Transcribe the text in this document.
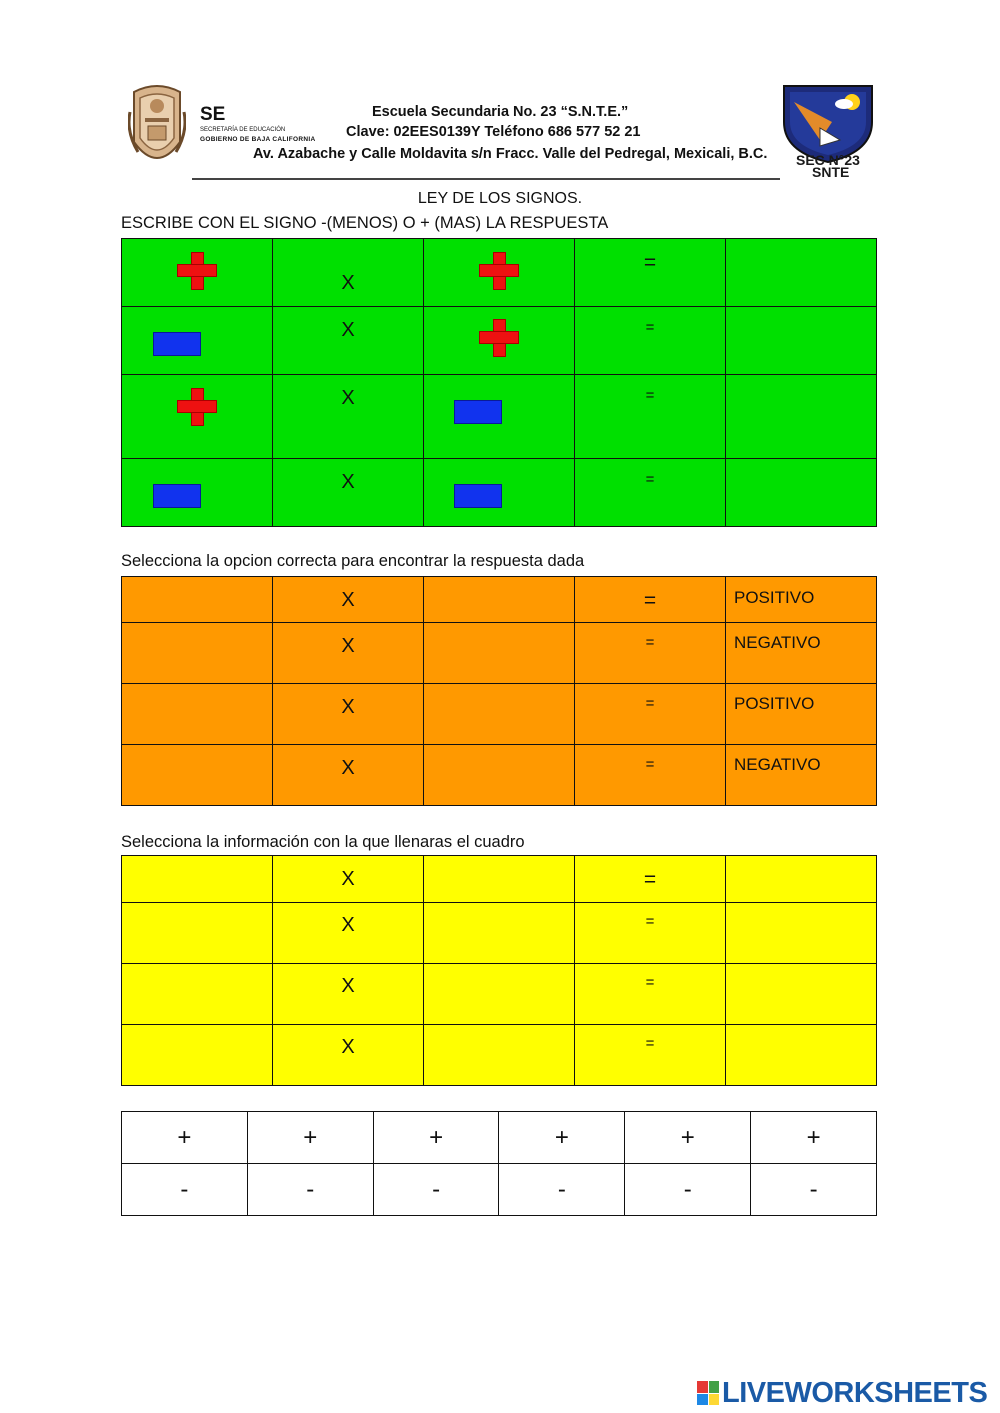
SE
SECRETARÍA DE EDUCACIÓN
GOBIERNO DE BAJA CALIFORNIA
Escuela Secundaria No. 23 “S.N.T.E.”
Clave: 02EES0139Y Teléfono 686 577 52 21
Av. Azabache y Calle Moldavita s/n Fracc. Valle del Pedregal, Mexicali, B.C. SEC N°23
SNTE
LEY DE LOS SIGNOS.
ESCRIBE CON EL SIGNO -(MENOS) O + (MAS) LA RESPUESTA

	X		=	

	X		=	

	X		=	

	X		=	

Selecciona la opcion correcta para encontrar la respuesta dada

	X		=	POSITIVO

	X		=	NEGATIVO

	X		=	POSITIVO

	X		=	NEGATIVO
Selecciona la información con la que llenaras el cuadro

	X		=	

	X		=	

	X		=	

	X		=	

+	+	+	+	+	+
-	-	-	-	-	-
LIVEWORKSHEETS
